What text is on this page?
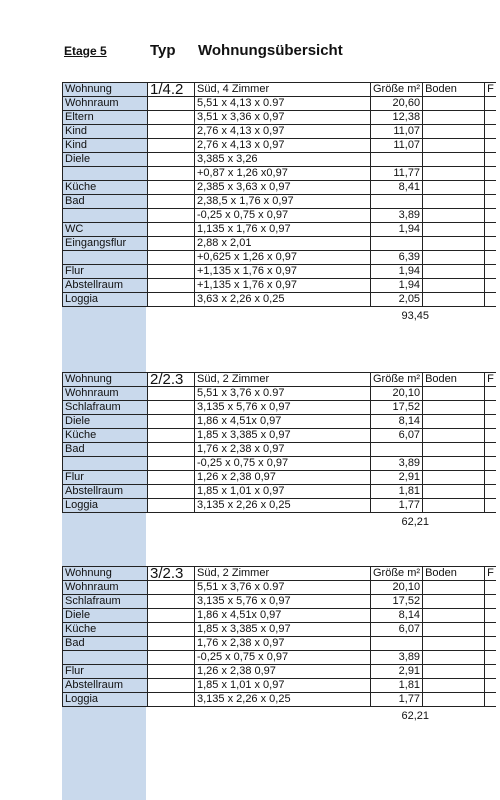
Etage 5	Typ Wohnungsübersicht
Wohnung	1/4.2	Süd, 4 Zimmer	Größe m²	Boden	F
Wohnraum		5,51 x 4,13 x 0.97	20,60		
Eltern		3,51 x 3,36 x 0,97	12,38		
Kind		2,76 x 4,13 x 0,97	11,07		
Kind		2,76 x 4,13 x 0,97	11,07		
Diele		3,385 x 3,26			
		+0,87 x 1,26 x0,97	11,77		
Küche		2,385 x 3,63 x 0,97	8,41		
Bad		2,38,5 x 1,76 x 0,97			
		-0,25 x 0,75 x 0,97	3,89		
WC		1,135 x 1,76 x 0,97	1,94		
Eingangsflur		2,88 x 2,01			
		+0,625 x 1,26 x 0,97	6,39		
Flur		+1,135 x 1,76 x 0,97	1,94		
Abstellraum		+1,135 x 1,76 x 0,97	1,94		
Loggia		3,63 x 2,26 x 0,25	2,05		
93,45
Wohnung	2/2.3	Süd, 2 Zimmer	Größe m²	Boden	F
Wohnraum		5,51 x 3,76 x 0.97	20,10		
Schlafraum		3,135 x 5,76 x 0,97	17,52		
Diele		1,86 x 4,51x 0,97	8,14		
Küche		1,85 x 3,385 x 0,97	6,07		
Bad		1,76 x 2,38 x 0,97			
		-0,25 x 0,75 x 0,97	3,89		
Flur		1,26 x 2,38 0,97	2,91		
Abstellraum		1,85 x 1,01 x 0,97	1,81		
Loggia		3,135 x 2,26 x 0,25	1,77		
62,21
Wohnung	3/2.3	Süd, 2 Zimmer	Größe m²	Boden	F
Wohnraum		5,51 x 3,76 x 0.97	20,10		
Schlafraum		3,135 x 5,76 x 0,97	17,52		
Diele		1,86 x 4,51x 0,97	8,14		
Küche		1,85 x 3,385 x 0,97	6,07		
Bad		1,76 x 2,38 x 0,97			
		-0,25 x 0,75 x 0,97	3,89		
Flur		1,26 x 2,38 0,97	2,91		
Abstellraum		1,85 x 1,01 x 0,97	1,81		
Loggia		3,135 x 2,26 x 0,25	1,77		
62,21
